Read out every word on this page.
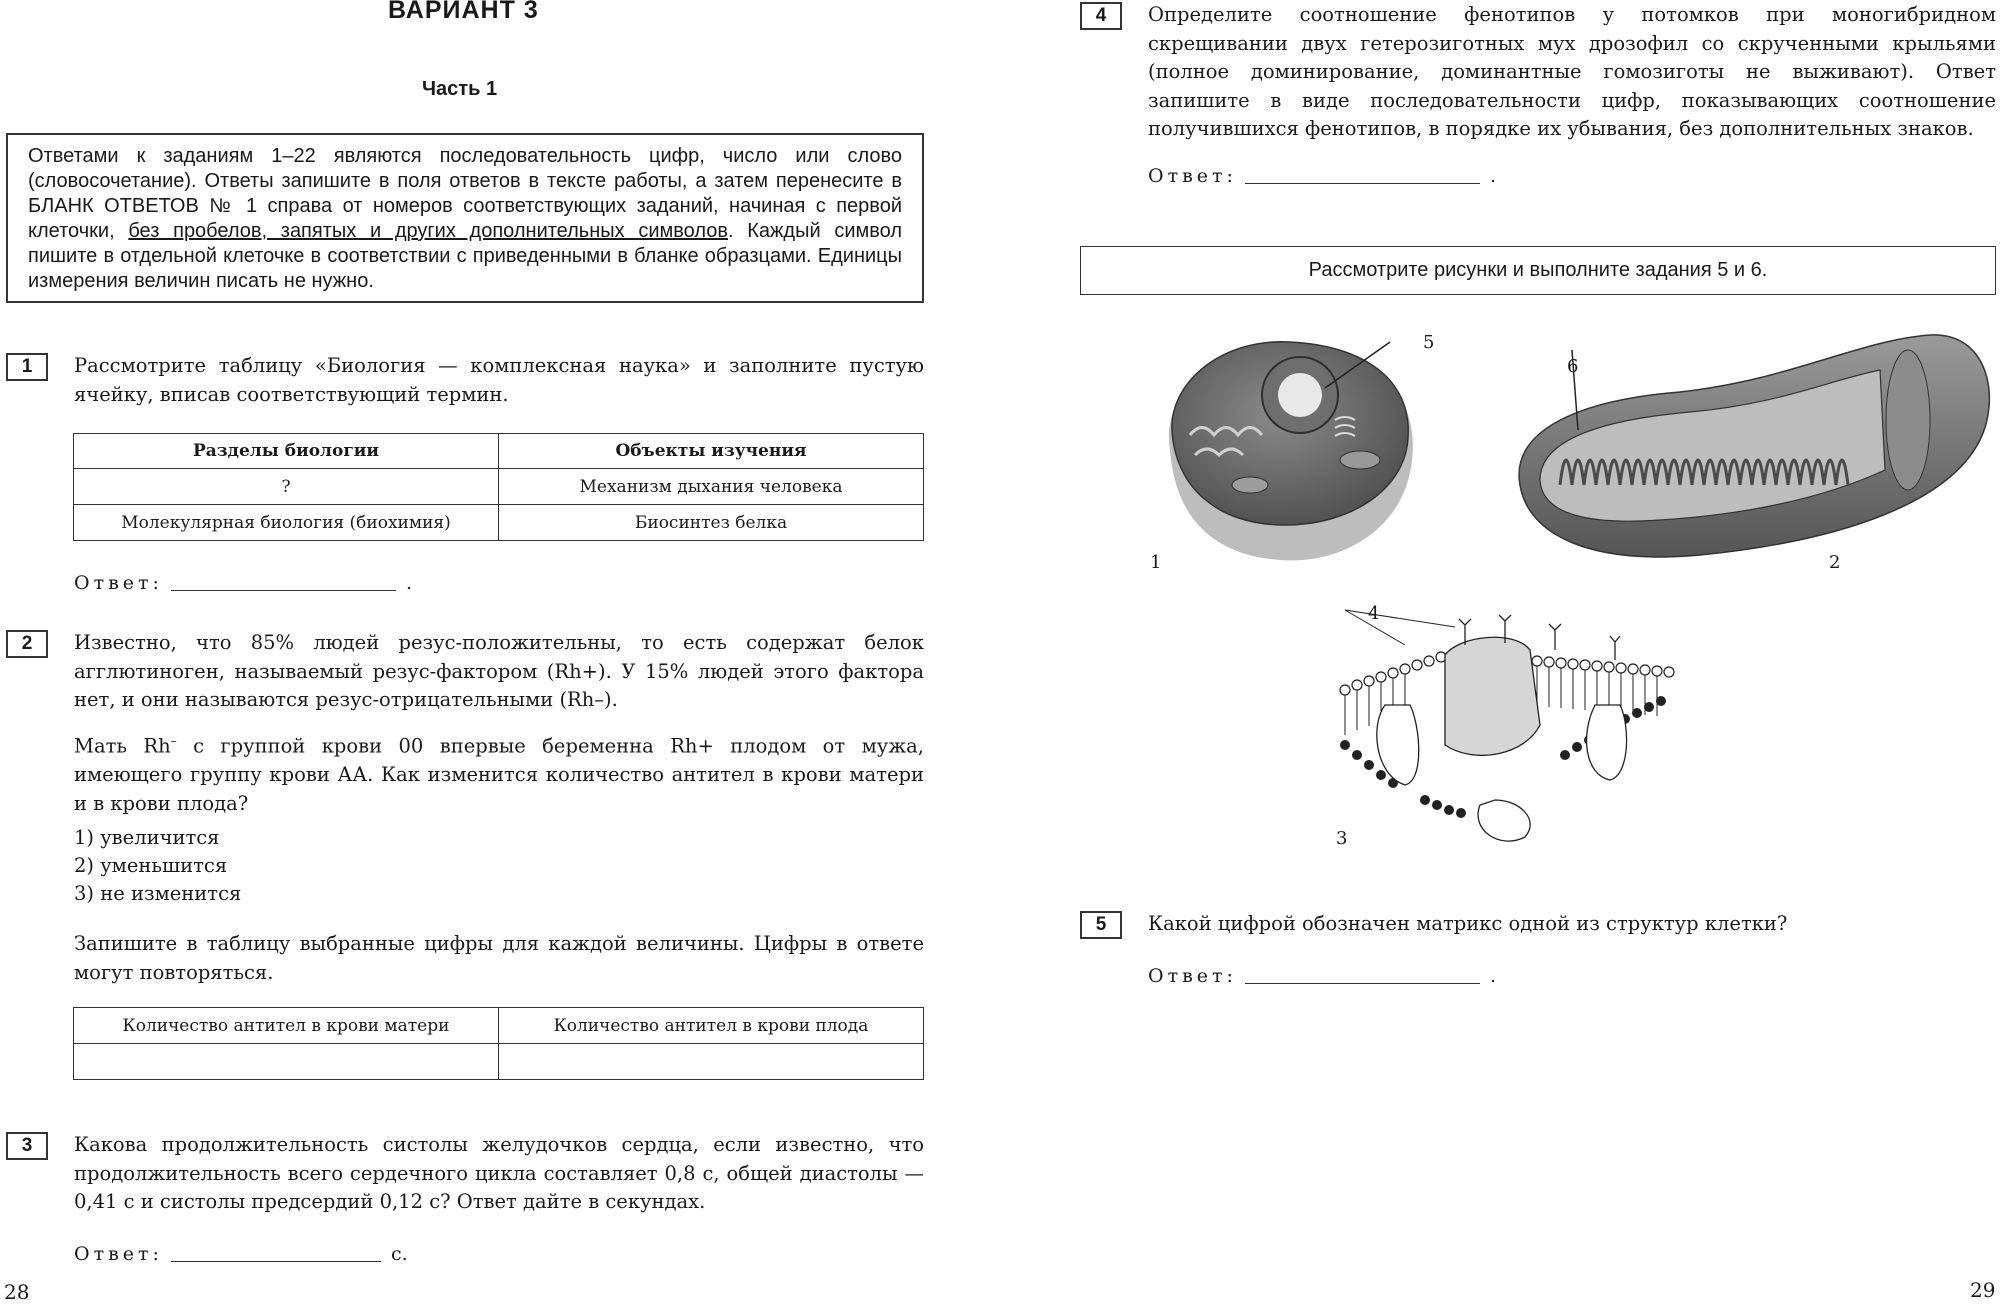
ВАРИАНТ 3
Часть 1
Ответами к заданиям 1–22 являются последовательность цифр, число или слово (словосочетание). Ответы запишите в поля ответов в тексте работы, а затем перенесите в БЛАНК ОТВЕТОВ № 1 справа от номеров соответствующих заданий, начиная с первой клеточки, без пробелов, запятых и других дополнительных символов. Каждый символ пишите в отдельной клеточке в соответствии с приведенными в бланке образцами. Единицы измерения величин писать не нужно.
1	Рассмотрите таблицу «Биология — комплексная наука» и заполните пустую ячейку, вписав соответствующий термин.
Разделы биологии	Объекты изучения
?	Механизм дыхания человека
Молекулярная биология (биохимия)	Биосинтез белка
Ответ:	.
2	Известно, что 85% людей резус-положительны, то есть содержат белок агглютиноген, называемый резус-фактором (Rh+). У 15% людей этого фактора нет, и они называются резус-отрицательными (Rh–).
Мать Rh– с группой крови 00 впервые беременна Rh+ плодом от мужа, имеющего группу крови АА. Как изменится количество антител в крови матери и в крови плода?
1) увеличится
2) уменьшится
3) не изменится
Запишите в таблицу выбранные цифры для каждой величины. Цифры в ответе могут повторяться.
Количество антител в крови матери	Количество антител в крови плода

3	Какова продолжительность систолы желудочков сердца, если известно, что продолжительность всего сердечного цикла составляет 0,8 с, общей диастолы — 0,41 с и систолы предсердий 0,12 с? Ответ дайте в секундах.
Ответ:	с.
28
4	Определите соотношение фенотипов у потомков при моногибридном скрещивании двух гетерозиготных мух дрозофил со скрученными крыльями (полное доминирование, доминантные гомозиготы не выживают). Ответ запишите в виде последовательности цифр, показывающих соотношение получившихся фенотипов, в порядке их убывания, без дополнительных знаков.
Ответ:	.
Рассмотрите рисунки и выполните задания 5 и 6.
5
1
6
2
4
3
5	Какой цифрой обозначен матрикс одной из структур клетки?
Ответ:	.
29
